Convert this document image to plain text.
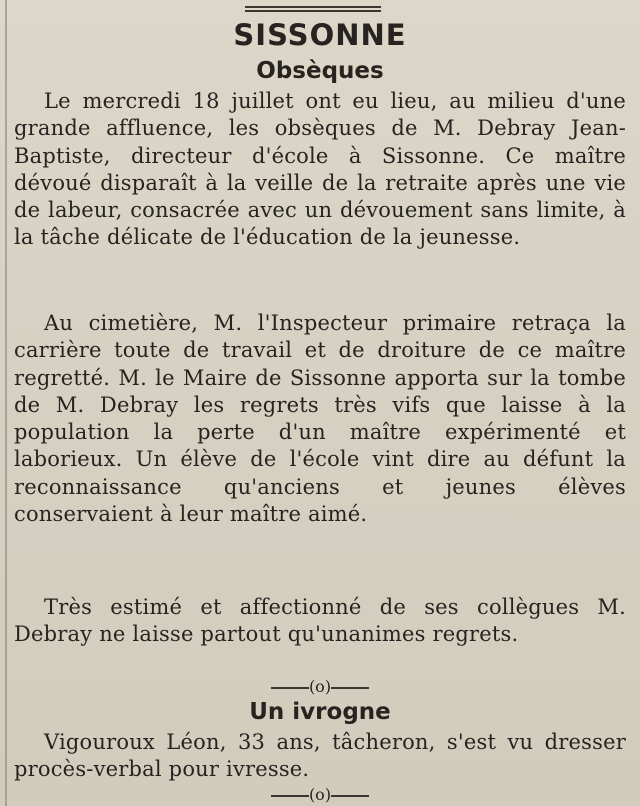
SISSONNE
Obsèques
Le mercredi 18 juillet ont eu lieu, au milieu d'une grande affluence, les obsèques de M. Debray Jean-Baptiste, directeur d'école à Sissonne. Ce maître dévoué disparaît à la veille de la retraite après une vie de labeur, consacrée avec un dévouement sans limite, à la tâche délicate de l'éducation de la jeunesse.
Au cimetière, M. l'Inspecteur primaire retraça la carrière toute de travail et de droiture de ce maître regretté. M. le Maire de Sissonne apporta sur la tombe de M. Debray les regrets très vifs que laisse à la population la perte d'un maître expérimenté et laborieux. Un élève de l'école vint dire au défunt la reconnaissance qu'anciens et jeunes élèves conservaient à leur maître aimé.
Très estimé et affectionné de ses collègues M. Debray ne laisse partout qu'unanimes regrets.
(o)
Un ivrogne
Vigouroux Léon, 33 ans, tâcheron, s'est vu dresser procès-verbal pour ivresse.
(o)
